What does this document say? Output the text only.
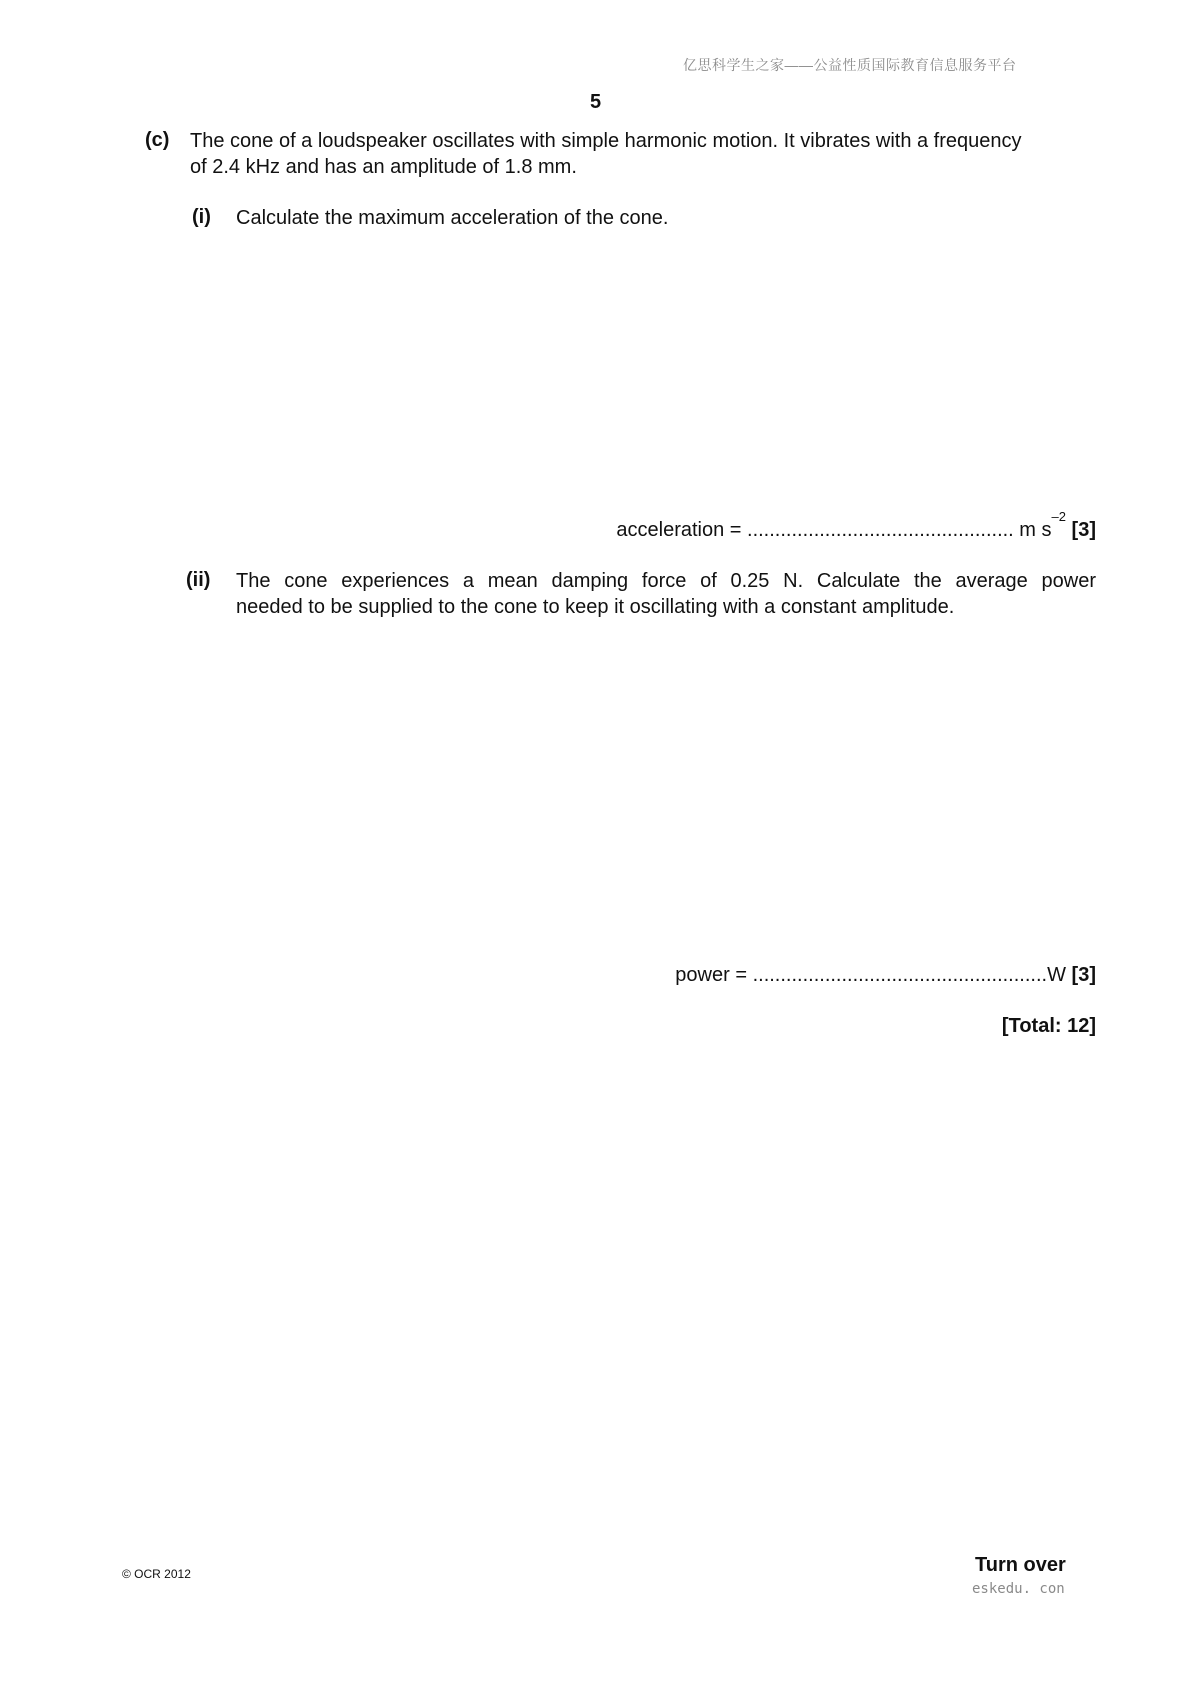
亿思科学生之家——公益性质国际教育信息服务平台
5
(c) The cone of a loudspeaker oscillates with simple harmonic motion. It vibrates with a frequency
of 2.4 kHz and has an amplitude of 1.8 mm.
(i) Calculate the maximum acceleration of the cone.
acceleration = ................................................ m $s^{-2}$ [3]
(ii) The cone experiences a mean damping force of 0.25 N. Calculate the average power
needed to be supplied to the cone to keep it oscillating with a constant amplitude.
power = .....................................................W [3]
[Total: 12]
© OCR 2012	Turn over
eskedu. con
